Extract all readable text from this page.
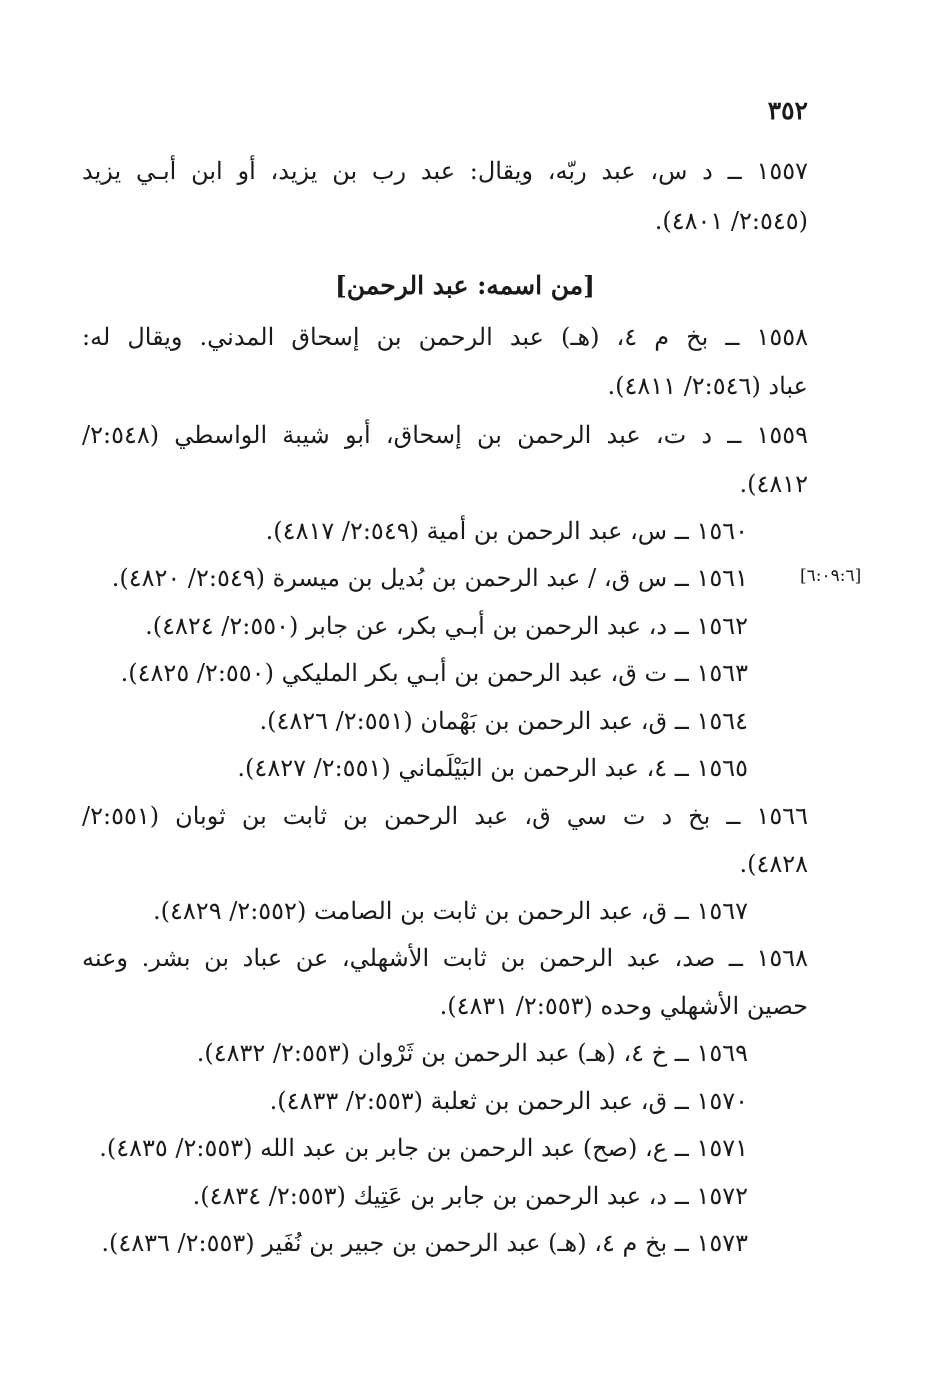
٣٥٢
١٥٥٧ ــ د س، عبد ربّه، ويقال: عبد رب بن يزيد، أو ابن أبـي يزيد
(٢:٥٤٥/ ٤٨٠١).
[من اسمه: عبد الرحمن]
١٥٥٨ ــ بخ م ٤، (هـ) عبد الرحمن بن إسحاق المدني. ويقال له:
عباد (٢:٥٤٦/ ٤٨١١).
١٥٥٩ ــ د ت، عبد الرحمن بن إسحاق، أبو شيبة الواسطي (٢:٥٤٨/
٤٨١٢).
١٥٦٠ ــ س، عبد الرحمن بن أمية (٢:٥٤٩/ ٤٨١٧).
[٦:٠٩:٦]
١٥٦١ ــ س ق، / عبد الرحمن بن بُديل بن ميسرة (٢:٥٤٩/ ٤٨٢٠).
١٥٦٢ ــ د، عبد الرحمن بن أبـي بكر، عن جابر (٢:٥٥٠/ ٤٨٢٤).
١٥٦٣ ــ ت ق، عبد الرحمن بن أبـي بكر المليكي (٢:٥٥٠/ ٤٨٢٥).
١٥٦٤ ــ ق، عبد الرحمن بن بَهْمان (٢:٥٥١/ ٤٨٢٦).
١٥٦٥ ــ ٤، عبد الرحمن بن البَيْلَماني (٢:٥٥١/ ٤٨٢٧).
١٥٦٦ ــ بخ د ت سي ق، عبد الرحمن بن ثابت بن ثوبان (٢:٥٥١/
٤٨٢٨).
١٥٦٧ ــ ق، عبد الرحمن بن ثابت بن الصامت (٢:٥٥٢/ ٤٨٢٩).
١٥٦٨ ــ صد، عبد الرحمن بن ثابت الأشهلي، عن عباد بن بشر. وعنه
حصين الأشهلي وحده (٢:٥٥٣/ ٤٨٣١).
١٥٦٩ ــ خ ٤، (هـ) عبد الرحمن بن ثَرْوان (٢:٥٥٣/ ٤٨٣٢).
١٥٧٠ ــ ق، عبد الرحمن بن ثعلبة (٢:٥٥٣/ ٤٨٣٣).
١٥٧١ ــ ع، (صح) عبد الرحمن بن جابر بن عبد الله (٢:٥٥٣/ ٤٨٣٥).
١٥٧٢ ــ د، عبد الرحمن بن جابر بن عَتِيك (٢:٥٥٣/ ٤٨٣٤).
١٥٧٣ ــ بخ م ٤، (هـ) عبد الرحمن بن جبير بن نُفَير (٢:٥٥٣/ ٤٨٣٦).
